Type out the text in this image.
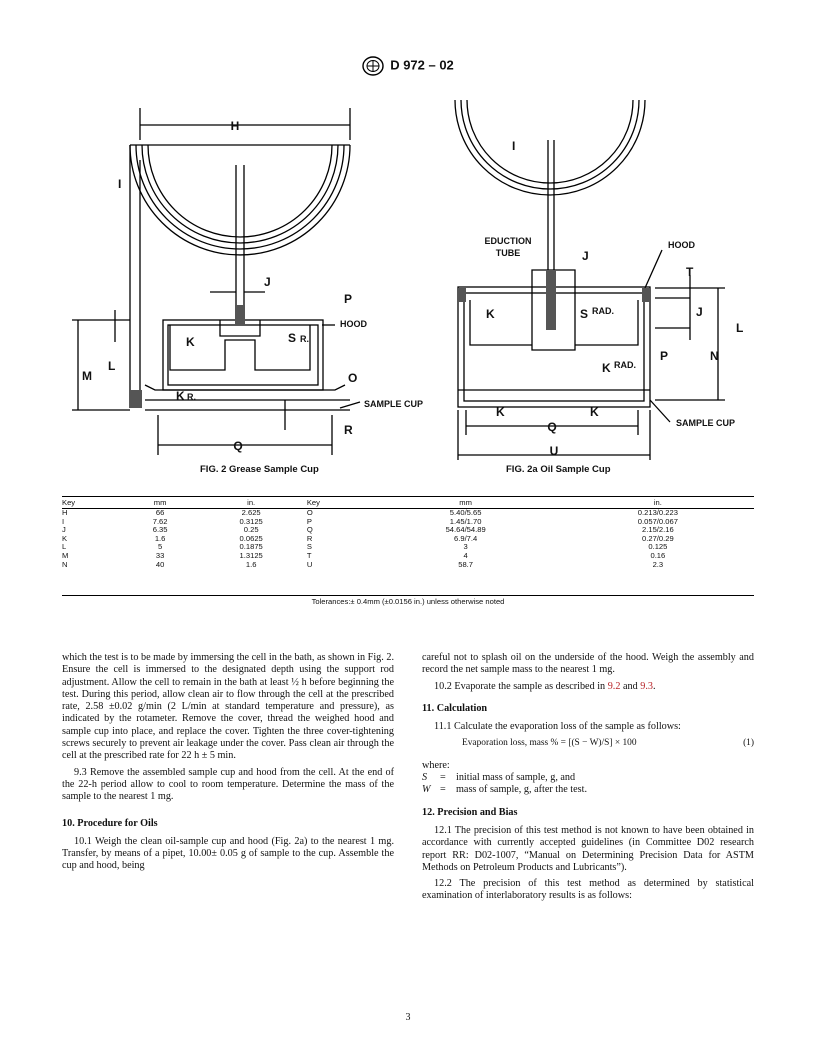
D 972 – 02
H
I
J
P
K	S R.
HOOD
L
M	O
K R.
SAMPLE CUP
R
Q
I
EDUCTION
TUBE	J
HOOD
T
J
K	S RAD.
L
N
P
K RAD.
K	K
SAMPLE CUP
Q
U
FIG. 2 Grease Sample Cup	FIG. 2a Oil Sample Cup
Key	mm	in.	Key	mm	in.
H	66	2.625	O	5.40/5.65	0.213/0.223
I	7.62	0.3125	P	1.45/1.70	0.057/0.067
J	6.35	0.25	Q	54.64/54.89	2.15/2.16
K	1.6	0.0625	R	6.9/7.4	0.27/0.29
L	5	0.1875	S	3	0.125
M	33	1.3125	T	4	0.16
N	40	1.6	U	58.7	2.3
Tolerances:± 0.4mm (±0.0156 in.) unless otherwise noted

which the test is to be made by immersing the cell in the bath, as shown in Fig. 2. Ensure the cell is immersed to the designated depth using the support rod adjustment. Allow the cell to remain in the bath at least ½ h before beginning the test. During this period, allow clean air to flow through the cell at the prescribed rate, 2.58 ±0.02 g/min (2 L/min at standard temperature and pressure), as indicated by the rotameter. Remove the cover, thread the weighed hood and sample cup into place, and replace the cover. Tighten the three cover-tightening screws securely to prevent air leakage under the cover. Pass clean air through the cell at the prescribed rate for 22 h ± 5 min.

9.3 Remove the assembled sample cup and hood from the cell. At the end of the 22-h period allow to cool to room temperature. Determine the mass of the sample to the nearest 1 mg.

10. Procedure for Oils

10.1 Weigh the clean oil-sample cup and hood (Fig. 2a) to the nearest 1 mg. Transfer, by means of a pipet, 10.00± 0.05 g of sample to the cup. Assemble the cup and hood, being

careful not to splash oil on the underside of the hood. Weigh the assembly and record the net sample mass to the nearest 1 mg.

10.2 Evaporate the sample as described in 9.2 and 9.3.

11. Calculation

11.1 Calculate the evaporation loss of the sample as follows:

Evaporation loss, mass % = [(S − W)/S] × 100	(1)

where:

S	=	initial mass of sample, g, and

W =	mass of sample, g, after the test.

12. Precision and Bias

12.1 The precision of this test method is not known to have been obtained in accordance with currently accepted guidelines (in Committee D02 research report RR: D02-1007, “Manual on Determining Precision Data for ASTM Methods on Petroleum Products and Lubricants”).

12.2 The precision of this test method as determined by statistical examination of interlaboratory results is as follows:

3
